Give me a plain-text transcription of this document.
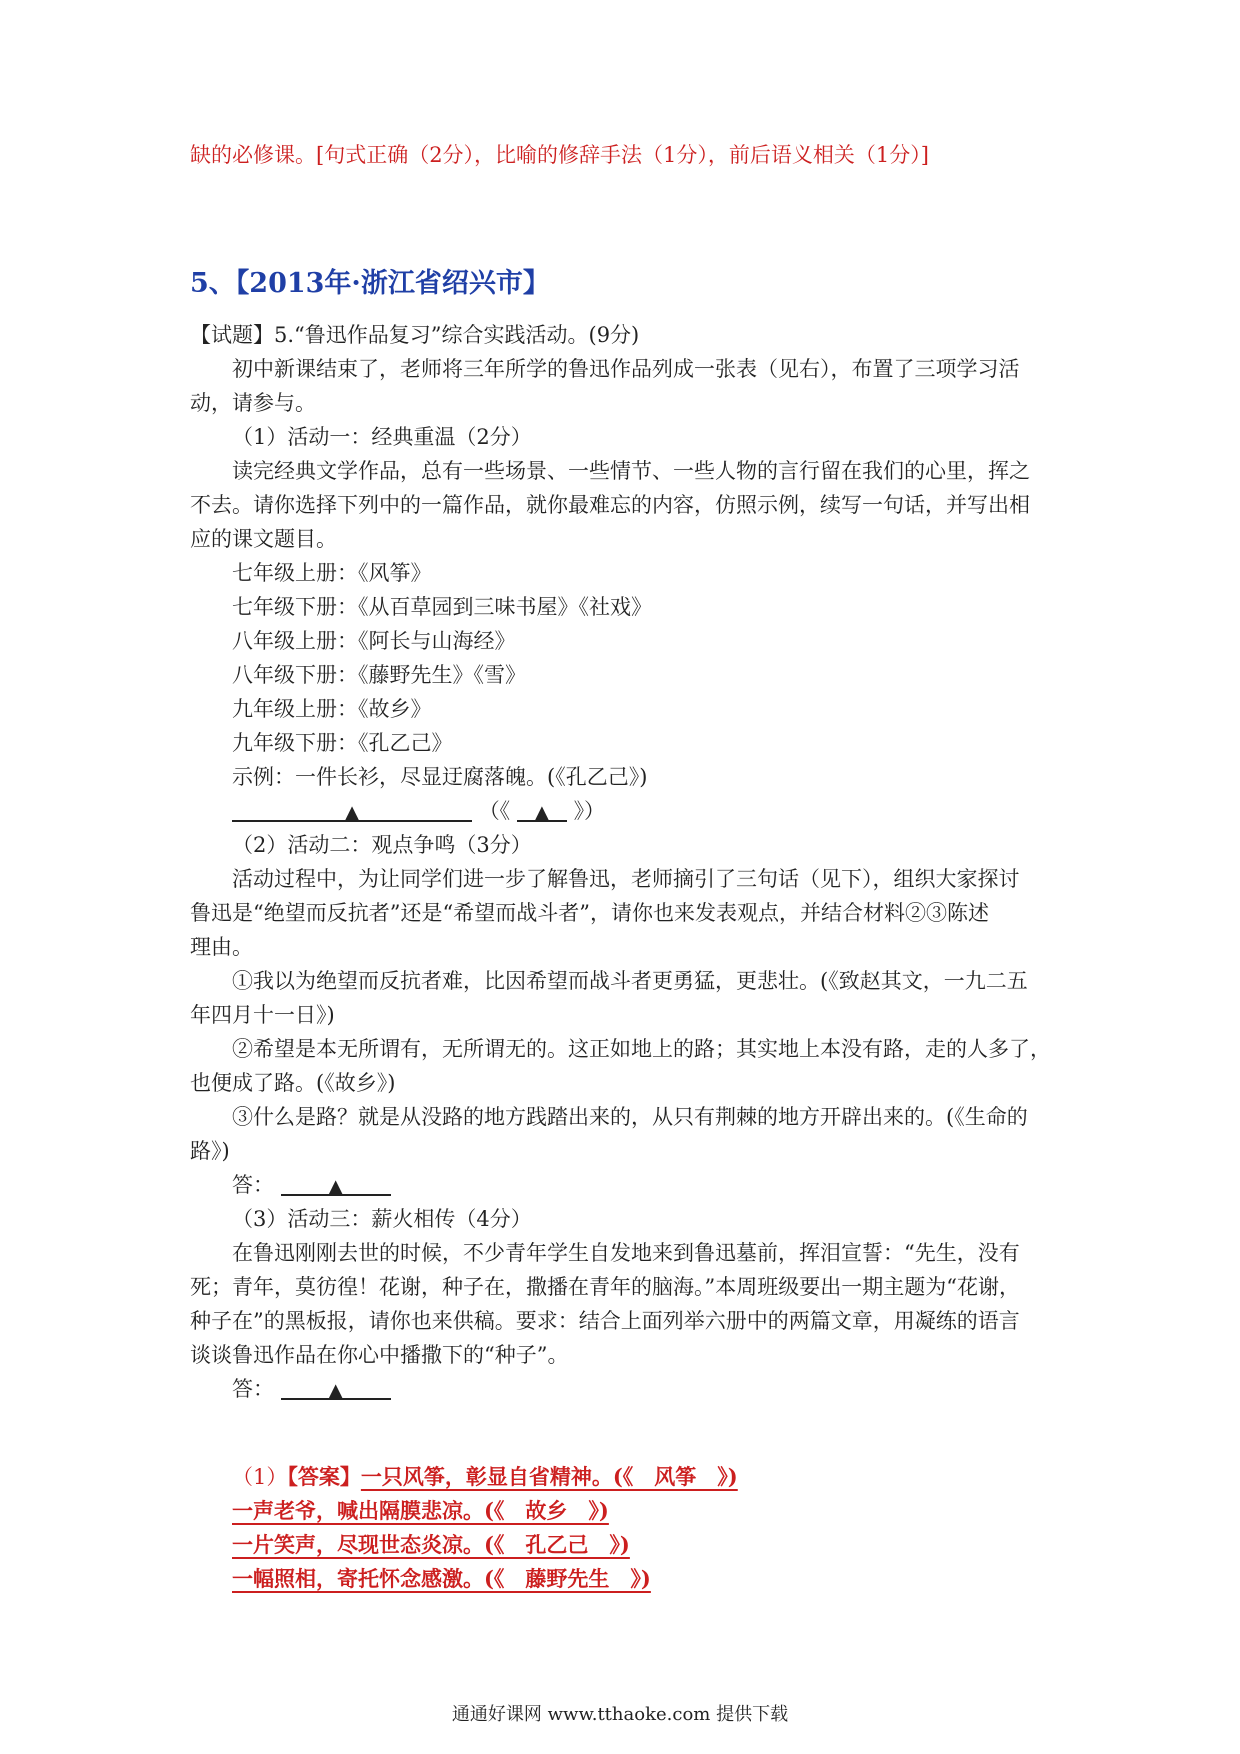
缺的必修课。[句式正确（2分），比喻的修辞手法（1分），前后语义相关（1分）]
5、【2013年·浙江省绍兴市】
【试题】5.“鲁迅作品复习”综合实践活动。(9分)
初中新课结束了，老师将三年所学的鲁迅作品列成一张表（见右），布置了三项学习活
动，请参与。
（1）活动一：经典重温（2分）
读完经典文学作品，总有一些场景、一些情节、一些人物的言行留在我们的心里，挥之
不去。请你选择下列中的一篇作品，就你最难忘的内容，仿照示例，续写一句话，并写出相
应的课文题目。
七年级上册：《风筝》
七年级下册：《从百草园到三味书屋》《社戏》
八年级上册：《阿长与山海经》
八年级下册：《藤野先生》《雪》
九年级上册：《故乡》
九年级下册：《孔乙己》
示例：一件长衫，尽显迂腐落魄。(《孔乙己》)
▲	（《 ▲ 》）
（2）活动二：观点争鸣（3分）
活动过程中，为让同学们进一步了解鲁迅，老师摘引了三句话（见下），组织大家探讨
鲁迅是“绝望而反抗者”还是“希望而战斗者”，请你也来发表观点，并结合材料②③陈述
理由。
①我以为绝望而反抗者难，比因希望而战斗者更勇猛，更悲壮。(《致赵其文，一九二五
年四月十一日》)
②希望是本无所谓有，无所谓无的。这正如地上的路；其实地上本没有路，走的人多了，
也便成了路。(《故乡》)
③什么是路？就是从没路的地方践踏出来的，从只有荆棘的地方开辟出来的。(《生命的
路》)
答：	▲
（3）活动三：薪火相传（4分）
在鲁迅刚刚去世的时候，不少青年学生自发地来到鲁迅墓前，挥泪宣誓：“先生，没有
死；青年，莫彷徨！花谢，种子在，撒播在青年的脑海。”本周班级要出一期主题为“花谢，
种子在”的黑板报，请你也来供稿。要求：结合上面列举六册中的两篇文章，用凝练的语言
谈谈鲁迅作品在你心中播撒下的“种子”。
答：	▲
（1）【答案】一只风筝，彰显自省精神。(《　风筝　》)
一声老爷，喊出隔膜悲凉。(《　故乡　》)
一片笑声，尽现世态炎凉。(《　孔乙己　》)
一幅照相，寄托怀念感激。(《　藤野先生　》)
通通好课网 www.tthaoke.com 提供下载
